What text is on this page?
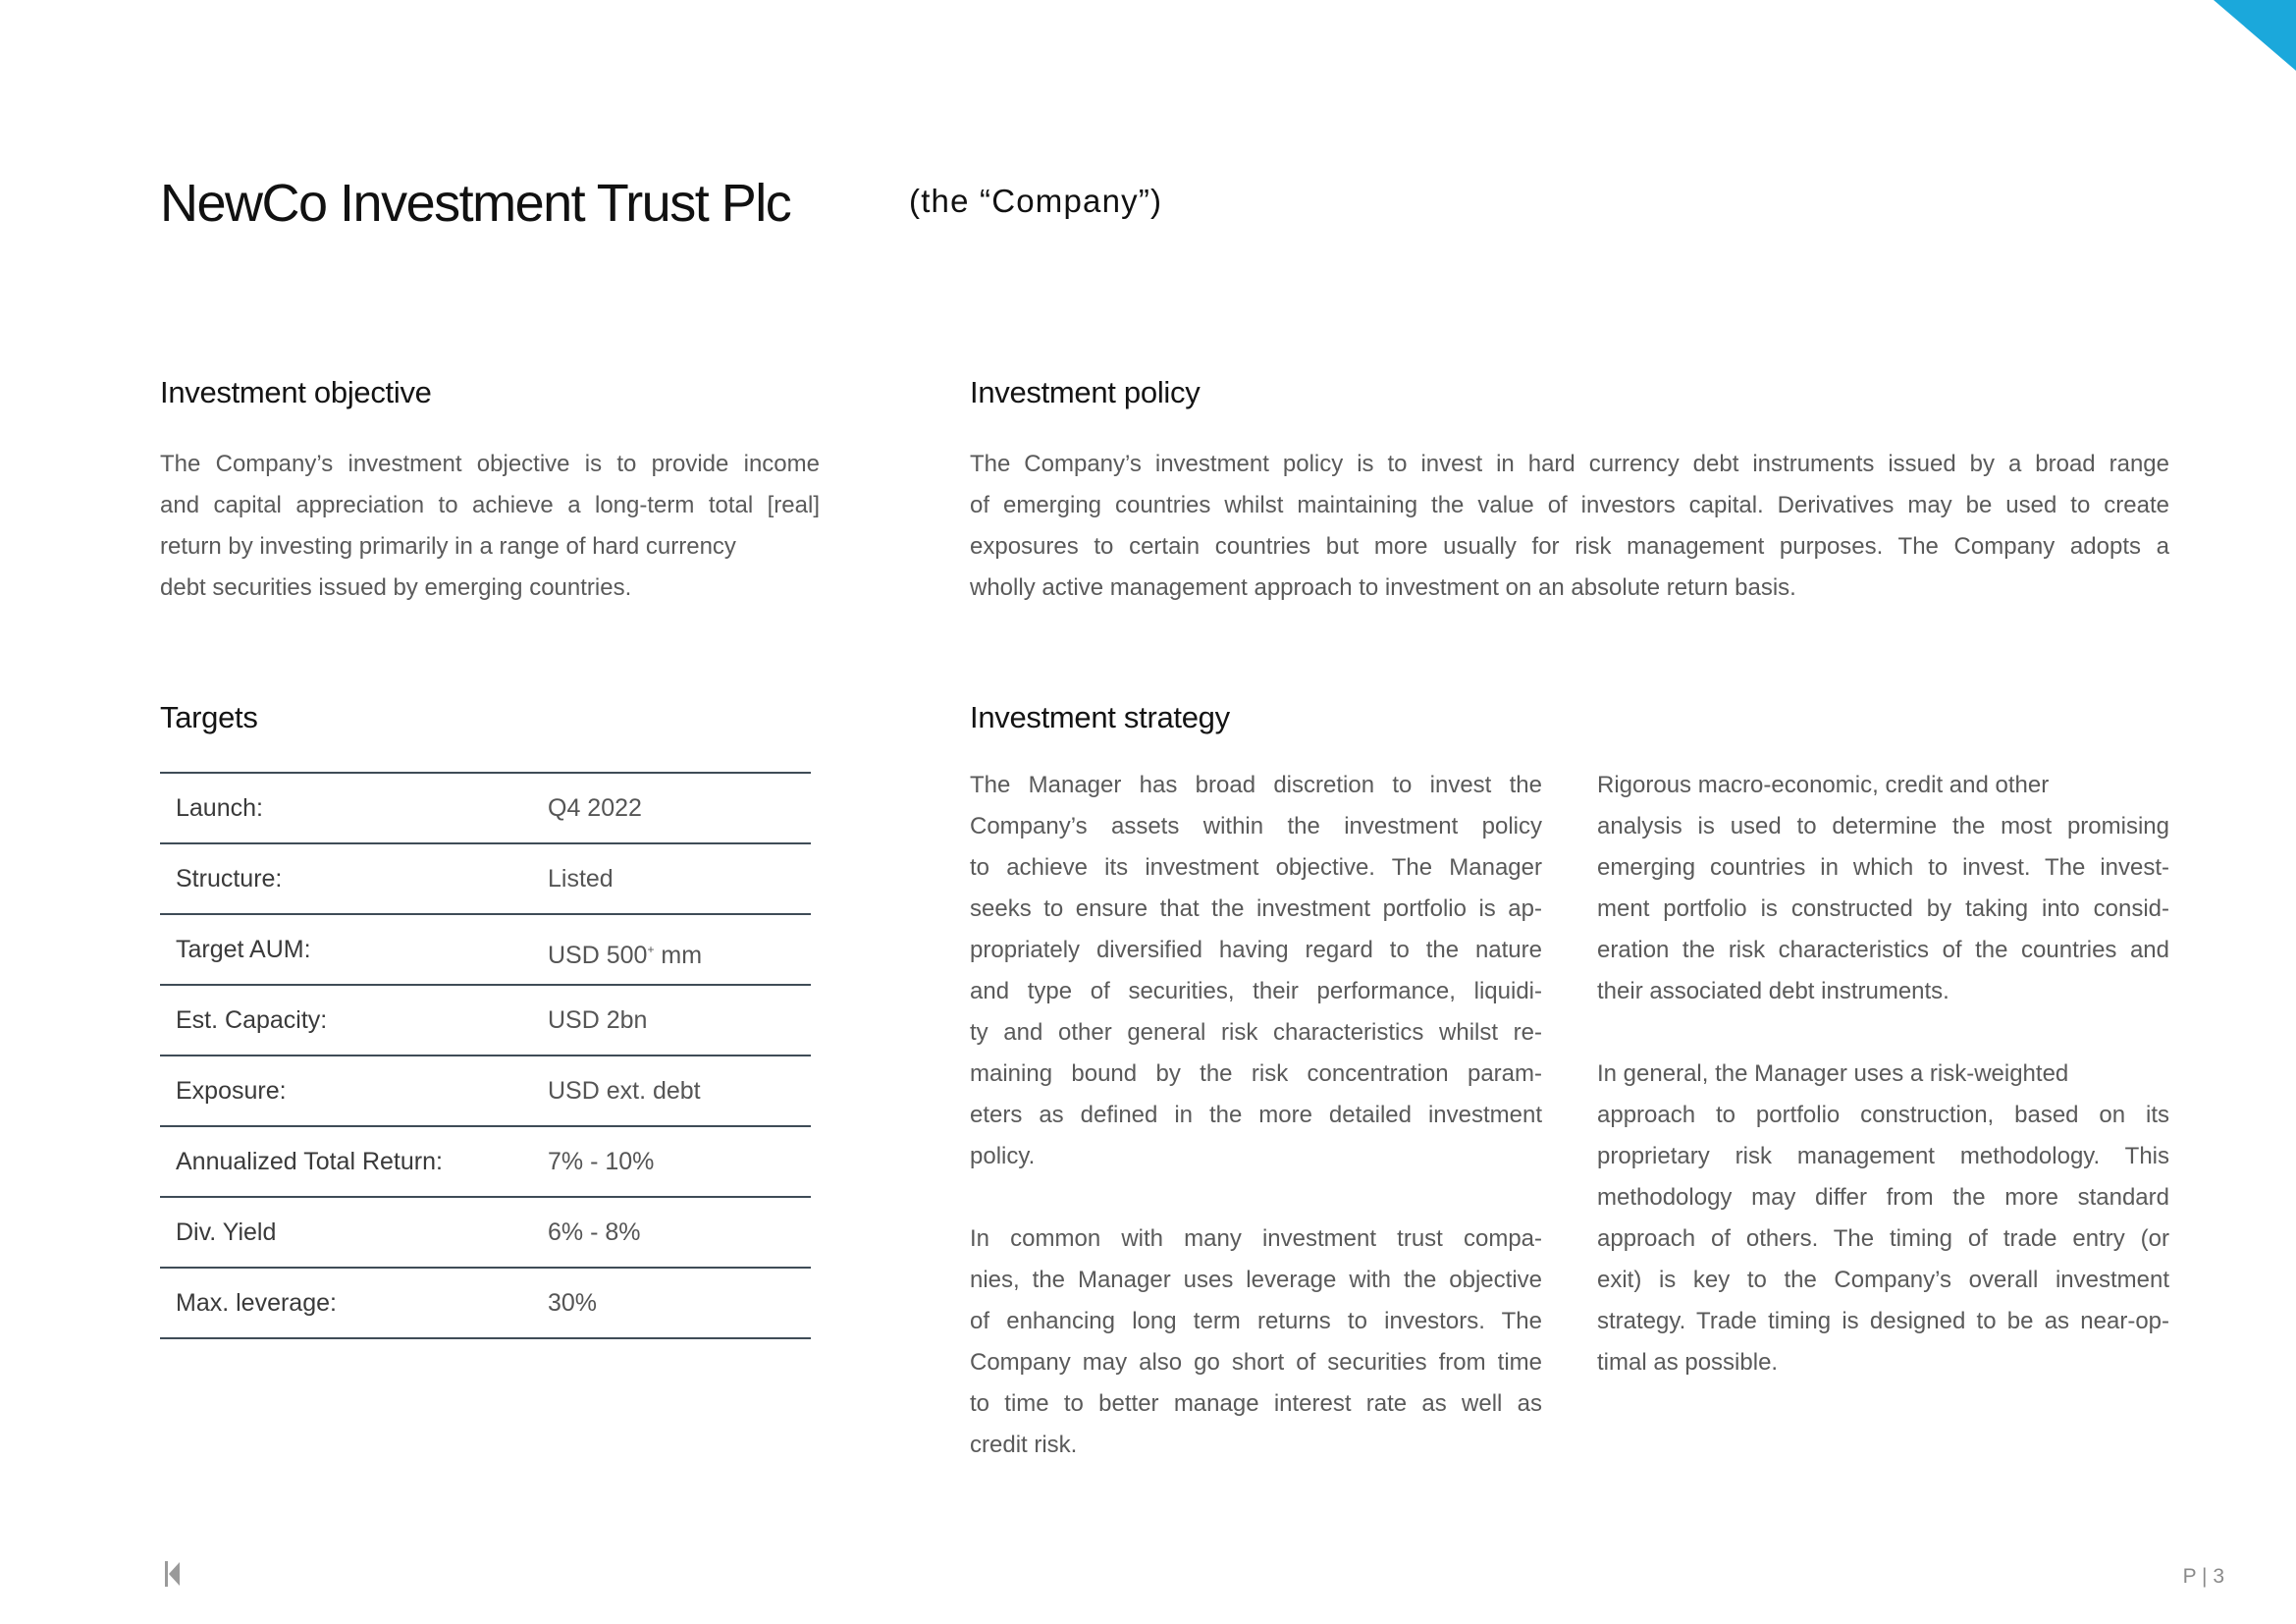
NewCo Investment Trust Plc	(the “Company”)
Investment objective
The Company’s investment objective is to provide income
and capital appreciation to achieve a long-term total [real]
return by investing primarily in a range of hard currency
debt securities issued by emerging countries.
Investment policy
The Company’s investment policy is to invest in hard currency debt instruments issued by a broad range
of emerging countries whilst maintaining the value of investors capital. Derivatives may be used to create
exposures to certain countries but more usually for risk management purposes. The Company adopts a
wholly active management approach to investment on an absolute return basis.
Targets
Launch:	Q4 2022
Structure:	Listed
Target AUM:	USD 500+ mm
Est. Capacity:	USD 2bn
Exposure:	USD ext. debt
Annualized Total Return:	7% - 10%
Div. Yield	6% - 8%
Max. leverage:	30%
Investment strategy
The Manager has broad discretion to invest the
Company’s assets within the investment policy
to achieve its investment objective. The Manager
seeks to ensure that the investment portfolio is ap-
propriately diversified having regard to the nature
and type of securities, their performance, liquidi-
ty and other general risk characteristics whilst re-
maining bound by the risk concentration param-
eters as defined in the more detailed investment
policy.
In common with many investment trust compa-
nies, the Manager uses leverage with the objective
of enhancing long term returns to investors. The
Company may also go short of securities from time
to time to better manage interest rate as well as
credit risk.
Rigorous macro-economic, credit and other
analysis is used to determine the most promising
emerging countries in which to invest. The invest-
ment portfolio is constructed by taking into consid-
eration the risk characteristics of the countries and
their associated debt instruments.
In general, the Manager uses a risk-weighted
approach to portfolio construction, based on its
proprietary risk management methodology. This
methodology may differ from the more standard
approach of others. The timing of trade entry (or
exit) is key to the Company’s overall investment
strategy. Trade timing is designed to be as near-op-
timal as possible.
P | 3
